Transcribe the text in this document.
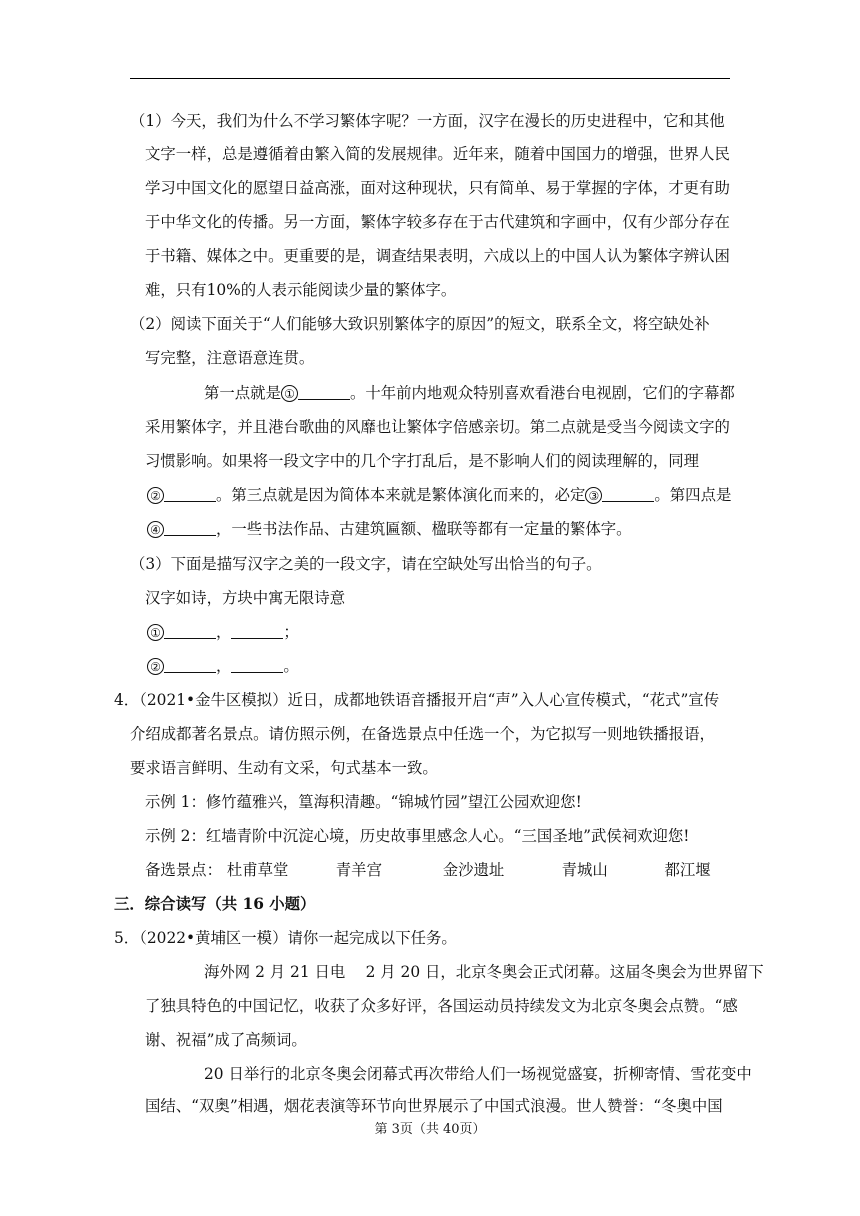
（1）今天，我们为什么不学习繁体字呢？一方面，汉字在漫长的历史进程中，它和其他
文字一样，总是遵循着由繁入简的发展规律。近年来，随着中国国力的增强，世界人民
学习中国文化的愿望日益高涨，面对这种现状，只有简单、易于掌握的字体，才更有助
于中华文化的传播。另一方面，繁体字较多存在于古代建筑和字画中，仅有少部分存在
于书籍、媒体之中。更重要的是，调查结果表明，六成以上的中国人认为繁体字辨认困
难，只有10%的人表示能阅读少量的繁体字。
（2）阅读下面关于“人们能够大致识别繁体字的原因”的短文，联系全文，将空缺处补
写完整，注意语意连贯。
第一点就是 ①	。十年前内地观众特别喜欢看港台电视剧，它们的字幕都
采用繁体字，并且港台歌曲的风靡也让繁体字倍感亲切。第二点就是受当今阅读文字的
习惯影响。如果将一段文字中的几个字打乱后，是不影响人们的阅读理解的，同理
②	。第三点就是因为简体本来就是繁体演化而来的，必定 ③	。第四点是
④	，一些书法作品、古建筑匾额、楹联等都有一定量的繁体字。
（3）下面是描写汉字之美的一段文字，请在空缺处写出恰当的句子。
汉字如诗，方块中寓无限诗意
①	，	；
②	，	。
4．（2021•金牛区模拟）近日，成都地铁语音播报开启“声”入人心宣传模式，“花式”宣传
介绍成都著名景点。请仿照示例，在备选景点中任选一个，为它拟写一则地铁播报语，
要求语言鲜明、生动有文采，句式基本一致。
示例 1：修竹蕴雅兴，篁海积清趣。“锦城竹园”望江公园欢迎您!
示例 2：红墙青阶中沉淀心境，历史故事里感念人心。“三国圣地”武侯祠欢迎您!
备选景点： 杜甫草堂	青羊宫	金沙遗址	青城山	都江堰
三．综合读写（共 16 小题）
5．（2022•黄埔区一模）请你一起完成以下任务。
海外网 2 月 21 日电　 2 月 20 日，北京冬奥会正式闭幕。这届冬奥会为世界留下
了独具特色的中国记忆，收获了众多好评，各国运动员持续发文为北京冬奥会点赞。“感
谢、祝福”成了高频词。
20 日举行的北京冬奥会闭幕式再次带给人们一场视觉盛宴，折柳寄情、雪花变中
国结、“双奥”相遇，烟花表演等环节向世界展示了中国式浪漫。世人赞誉：“冬奥中国
第 3页（共 40页）
